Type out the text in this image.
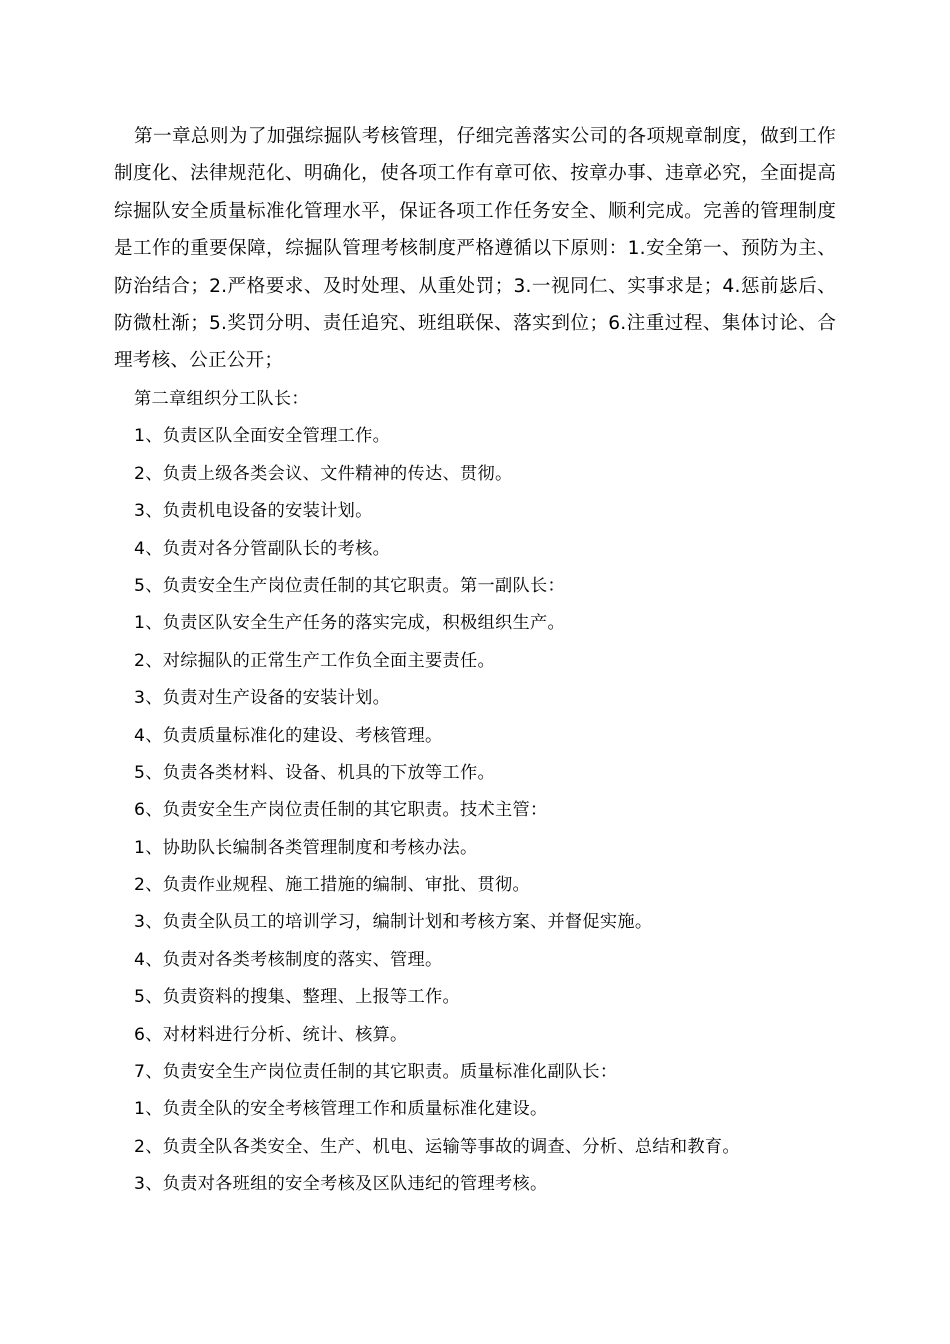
第一章总则为了加强综掘队考核管理，仔细完善落实公司的各项规章制度，做到工作制度化、法律规范化、明确化，使各项工作有章可依、按章办事、违章必究，全面提高综掘队安全质量标准化管理水平，保证各项工作任务安全、顺利完成。完善的管理制度是工作的重要保障，综掘队管理考核制度严格遵循以下原则：1.安全第一、预防为主、防治结合；2.严格要求、及时处理、从重处罚；3.一视同仁、实事求是；4.惩前毖后、防微杜渐；5.奖罚分明、责任追究、班组联保、落实到位；6.注重过程、集体讨论、合理考核、公正公开；

第二章组织分工队长：
1、负责区队全面安全管理工作。
2、负责上级各类会议、文件精神的传达、贯彻。
3、负责机电设备的安装计划。
4、负责对各分管副队长的考核。
5、负责安全生产岗位责任制的其它职责。第一副队长：
1、负责区队安全生产任务的落实完成，积极组织生产。
2、对综掘队的正常生产工作负全面主要责任。
3、负责对生产设备的安装计划。
4、负责质量标准化的建设、考核管理。
5、负责各类材料、设备、机具的下放等工作。
6、负责安全生产岗位责任制的其它职责。技术主管：
1、协助队长编制各类管理制度和考核办法。
2、负责作业规程、施工措施的编制、审批、贯彻。
3、负责全队员工的培训学习，编制计划和考核方案、并督促实施。
4、负责对各类考核制度的落实、管理。
5、负责资料的搜集、整理、上报等工作。
6、对材料进行分析、统计、核算。
7、负责安全生产岗位责任制的其它职责。质量标准化副队长：
1、负责全队的安全考核管理工作和质量标准化建设。
2、负责全队各类安全、生产、机电、运输等事故的调查、分析、总结和教育。
3、负责对各班组的安全考核及区队违纪的管理考核。
